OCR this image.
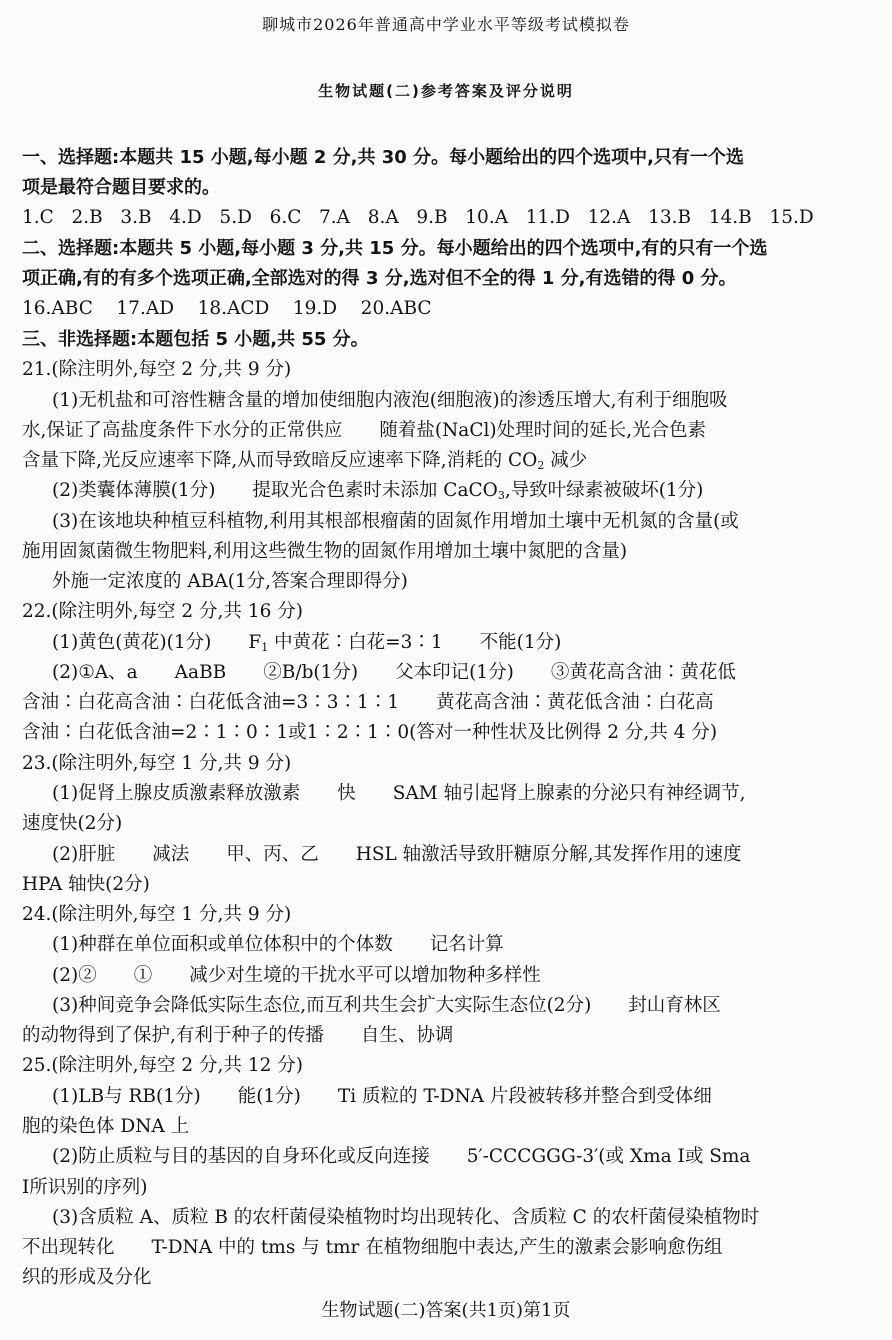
聊城市2026年普通高中学业水平等级考试模拟卷
生物试题(二)参考答案及评分说明
一、选择题:本题共 15 小题,每小题 2 分,共 30 分。每小题给出的四个选项中,只有一个选
项是最符合题目要求的。
1.C 2.B 3.B 4.D 5.D 6.C 7.A 8.A 9.B 10.A 11.D 12.A 13.B 14.B 15.D
二、选择题:本题共 5 小题,每小题 3 分,共 15 分。每小题给出的四个选项中,有的只有一个选
项正确,有的有多个选项正确,全部选对的得 3 分,选对但不全的得 1 分,有选错的得 0 分。
16.ABC 17.AD 18.ACD 19.D 20.ABC
三、非选择题:本题包括 5 小题,共 55 分。
21.(除注明外,每空 2 分,共 9 分)
(1)无机盐和可溶性糖含量的增加使细胞内液泡(细胞液)的渗透压增大,有利于细胞吸
水,保证了高盐度条件下水分的正常供应　　随着盐(NaCl)处理时间的延长,光合色素
含量下降,光反应速率下降,从而导致暗反应速率下降,消耗的 $CO_2$ 减少
(2)类囊体薄膜(1分)　　提取光合色素时未添加 CaCO$_3$,导致叶绿素被破坏(1分)
(3)在该地块种植豆科植物,利用其根部根瘤菌的固氮作用增加土壤中无机氮的含量(或
施用固氮菌微生物肥料,利用这些微生物的固氮作用增加土壤中氮肥的含量)
外施一定浓度的 ABA(1分,答案合理即得分)
22.(除注明外,每空 2 分,共 16 分)
(1)黄色(黄花)(1分)　　$F_1$ 中黄花∶白花=3∶1　　不能(1分)
(2)①A、a　　AaBB　　②B/b(1分)　　父本印记(1分)　　③黄花高含油∶黄花低
含油∶白花高含油∶白花低含油=3∶3∶1∶1　　黄花高含油∶黄花低含油∶白花高
含油∶白花低含油=2∶1∶0∶1或1∶2∶1∶0(答对一种性状及比例得 2 分,共 4 分)
23.(除注明外,每空 1 分,共 9 分)
(1)促肾上腺皮质激素释放激素　　快　　SAM 轴引起肾上腺素的分泌只有神经调节,
速度快(2分)
(2)肝脏　　减法　　甲、丙、乙　　HSL 轴激活导致肝糖原分解,其发挥作用的速度
HPA 轴快(2分)
24.(除注明外,每空 1 分,共 9 分)
(1)种群在单位面积或单位体积中的个体数　　记名计算
(2)②　　①　　减少对生境的干扰水平可以增加物种多样性
(3)种间竞争会降低实际生态位,而互利共生会扩大实际生态位(2分)　　封山育林区
的动物得到了保护,有利于种子的传播　　自生、协调
25.(除注明外,每空 2 分,共 12 分)
(1)LB与 RB(1分)　　能(1分)　　Ti 质粒的 T-DNA 片段被转移并整合到受体细
胞的染色体 DNA 上
(2)防止质粒与目的基因的自身环化或反向连接　　5′-CCCGGG-3′(或 Xma Ⅰ或 Sma
Ⅰ所识别的序列)
(3)含质粒 A、质粒 B 的农杆菌侵染植物时均出现转化、含质粒 C 的农杆菌侵染植物时
不出现转化　　T-DNA 中的 tms 与 tmr 在植物细胞中表达,产生的激素会影响愈伤组
织的形成及分化
生物试题(二)答案(共1页)第1页
